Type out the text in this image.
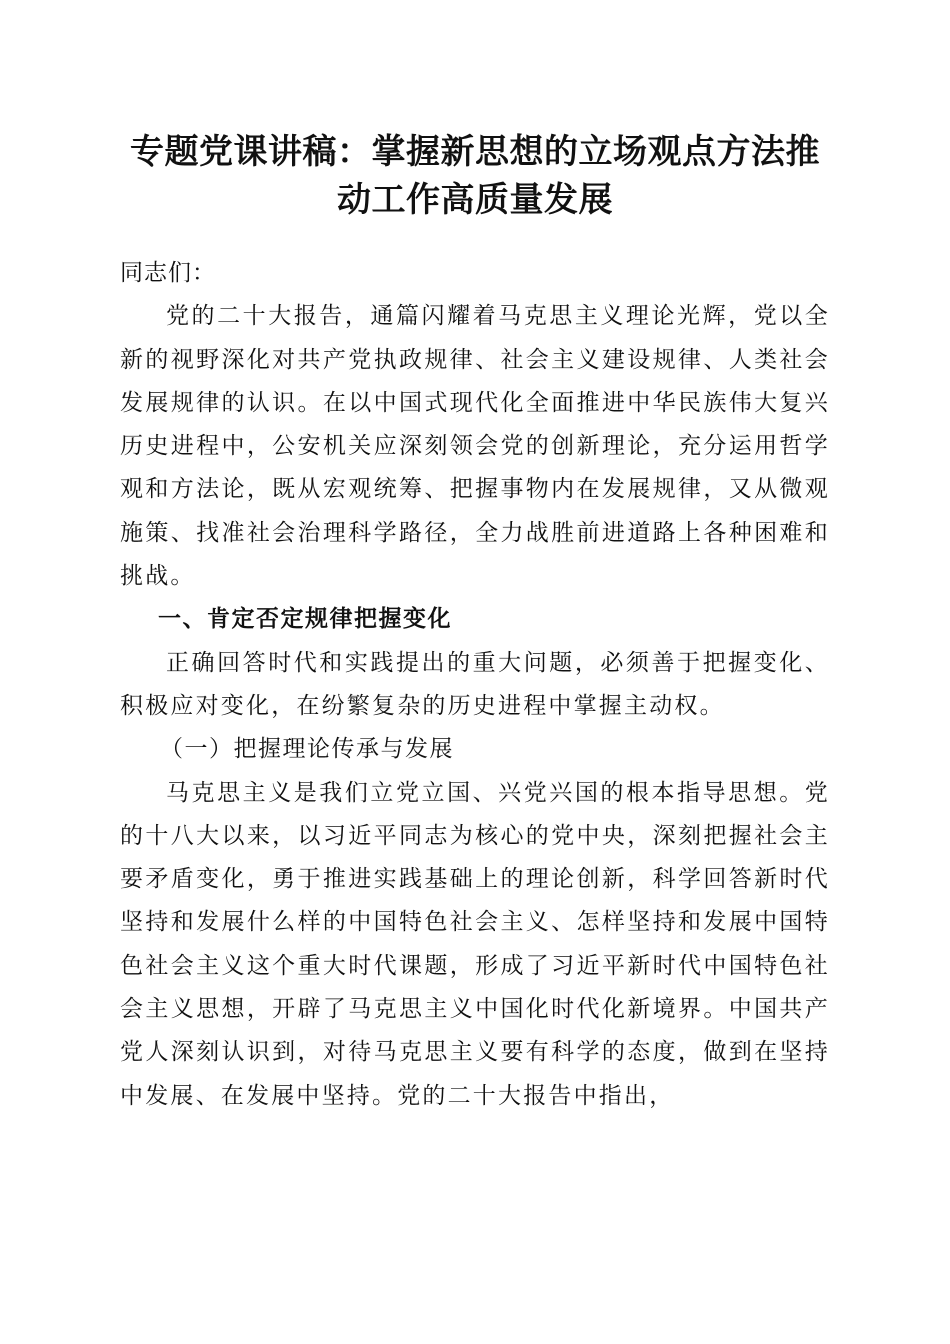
专题党课讲稿：掌握新思想的立场观点方法推
动工作高质量发展

同志们：

党的二十大报告，通篇闪耀着马克思主义理论光辉，党以全新的视野深化对共产党执政规律、社会主义建设规律、人类社会发展规律的认识。在以中国式现代化全面推进中华民族伟大复兴历史进程中，公安机关应深刻领会党的创新理论，充分运用哲学观和方法论，既从宏观统筹、把握事物内在发展规律，又从微观施策、找准社会治理科学路径，全力战胜前进道路上各种困难和挑战。

一、肯定否定规律把握变化

正确回答时代和实践提出的重大问题，必须善于把握变化、积极应对变化，在纷繁复杂的历史进程中掌握主动权。

（一）把握理论传承与发展

马克思主义是我们立党立国、兴党兴国的根本指导思想。党的十八大以来，以习近平同志为核心的党中央，深刻把握社会主要矛盾变化，勇于推进实践基础上的理论创新，科学回答新时代坚持和发展什么样的中国特色社会主义、怎样坚持和发展中国特色社会主义这个重大时代课题，形成了习近平新时代中国特色社会主义思想，开辟了马克思主义中国化时代化新境界。中国共产党人深刻认识到，对待马克思主义要有科学的态度，做到在坚持中发展、在发展中坚持。党的二十大报告中指出，
